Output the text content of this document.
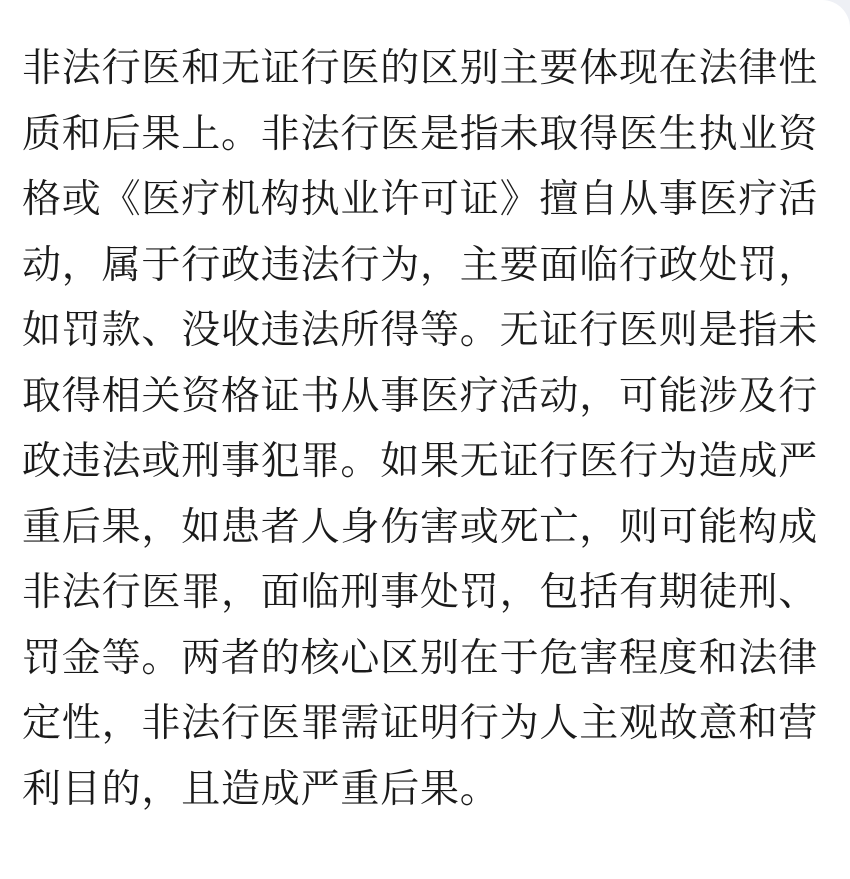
非法行医和无证行医的区别主要体现在法律性质和后果上。非法行医是指未取得医生执业资格或《医疗机构执业许可证》擅自从事医疗活动，属于行政违法行为，主要面临行政处罚，如罚款、没收违法所得等。无证行医则是指未取得相关资格证书从事医疗活动，可能涉及行政违法或刑事犯罪。如果无证行医行为造成严重后果，如患者人身伤害或死亡，则可能构成非法行医罪，面临刑事处罚，包括有期徒刑、罚金等。两者的核心区别在于危害程度和法律定性，非法行医罪需证明行为人主观故意和营利目的，且造成严重后果。
